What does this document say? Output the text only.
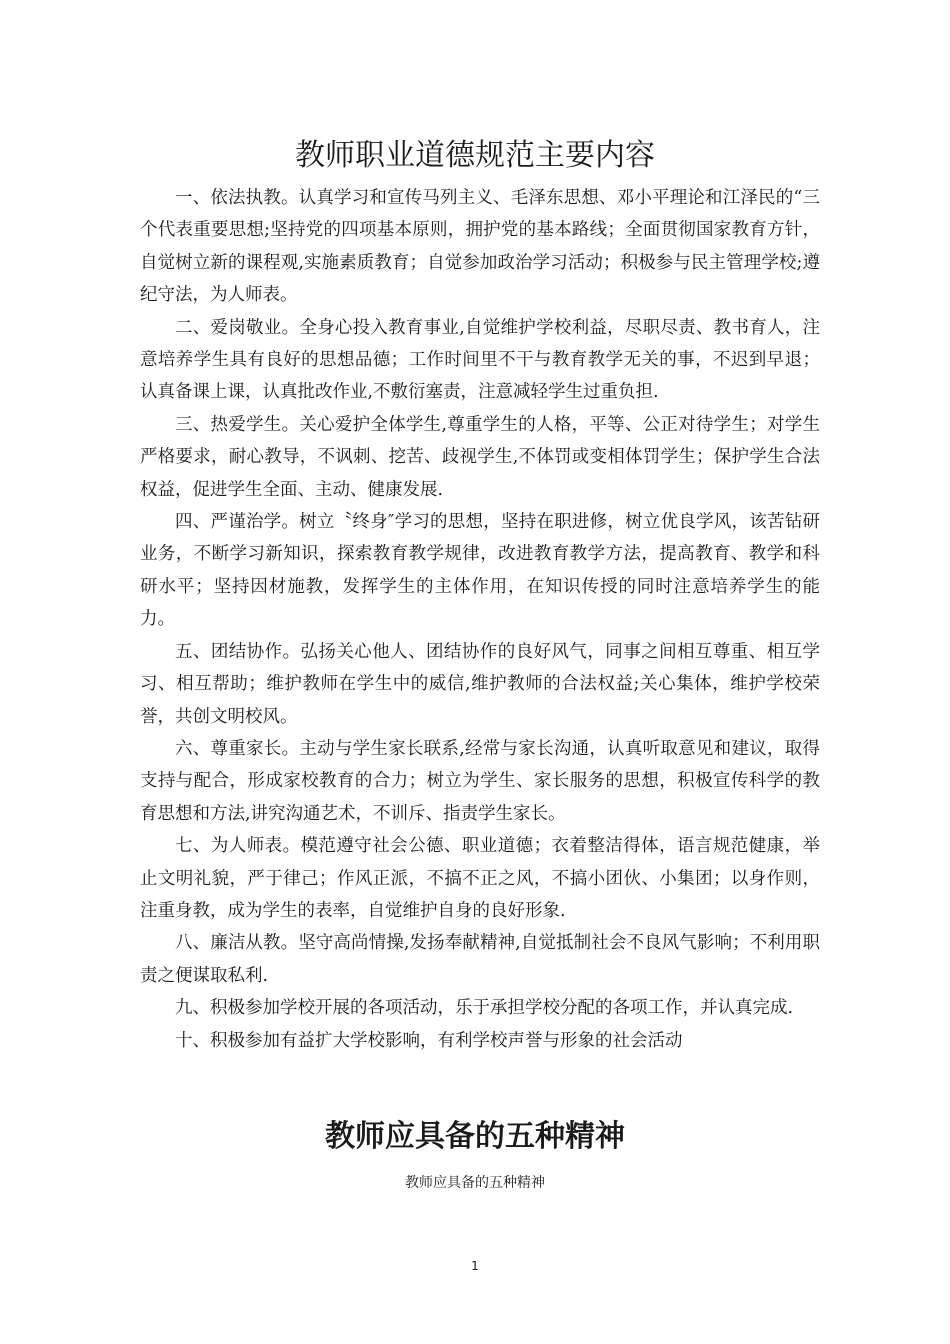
教师职业道德规范主要内容

一、依法执教。认真学习和宣传马列主义、毛泽东思想、邓小平理论和江泽民的“三个代表重要思想;坚持党的四项基本原则，拥护党的基本路线；全面贯彻国家教育方针，自觉树立新的课程观,实施素质教育；自觉参加政治学习活动；积极参与民主管理学校;遵纪守法，为人师表。

二、爱岗敬业。全身心投入教育事业,自觉维护学校利益，尽职尽责、教书育人，注意培养学生具有良好的思想品德；工作时间里不干与教育教学无关的事，不迟到早退；认真备课上课，认真批改作业,不敷衍塞责，注意减轻学生过重负担.

三、热爱学生。关心爱护全体学生,尊重学生的人格，平等、公正对待学生；对学生严格要求，耐心教导，不讽刺、挖苦、歧视学生,不体罚或变相体罚学生；保护学生合法权益，促进学生全面、主动、健康发展.

四、严谨治学。树立〝终身″学习的思想，坚持在职进修，树立优良学风，该苦钻研业务，不断学习新知识，探索教育教学规律，改进教育教学方法，提高教育、教学和科研水平；坚持因材施教，发挥学生的主体作用，在知识传授的同时注意培养学生的能力。

五、团结协作。弘扬关心他人、团结协作的良好风气，同事之间相互尊重、相互学习、相互帮助；维护教师在学生中的威信,维护教师的合法权益;关心集体，维护学校荣誉，共创文明校风。

六、尊重家长。主动与学生家长联系,经常与家长沟通，认真听取意见和建议，取得支持与配合，形成家校教育的合力；树立为学生、家长服务的思想，积极宣传科学的教育思想和方法,讲究沟通艺术，不训斥、指责学生家长。

七、为人师表。模范遵守社会公德、职业道德；衣着整洁得体，语言规范健康，举止文明礼貌，严于律己；作风正派，不搞不正之风，不搞小团伙、小集团；以身作则，注重身教，成为学生的表率，自觉维护自身的良好形象.

八、廉洁从教。坚守高尚情操,发扬奉献精神,自觉抵制社会不良风气影响；不利用职责之便谋取私利.

九、积极参加学校开展的各项活动，乐于承担学校分配的各项工作，并认真完成.

十、积极参加有益扩大学校影响，有利学校声誉与形象的社会活动

教师应具备的五种精神
教师应具备的五种精神
1
